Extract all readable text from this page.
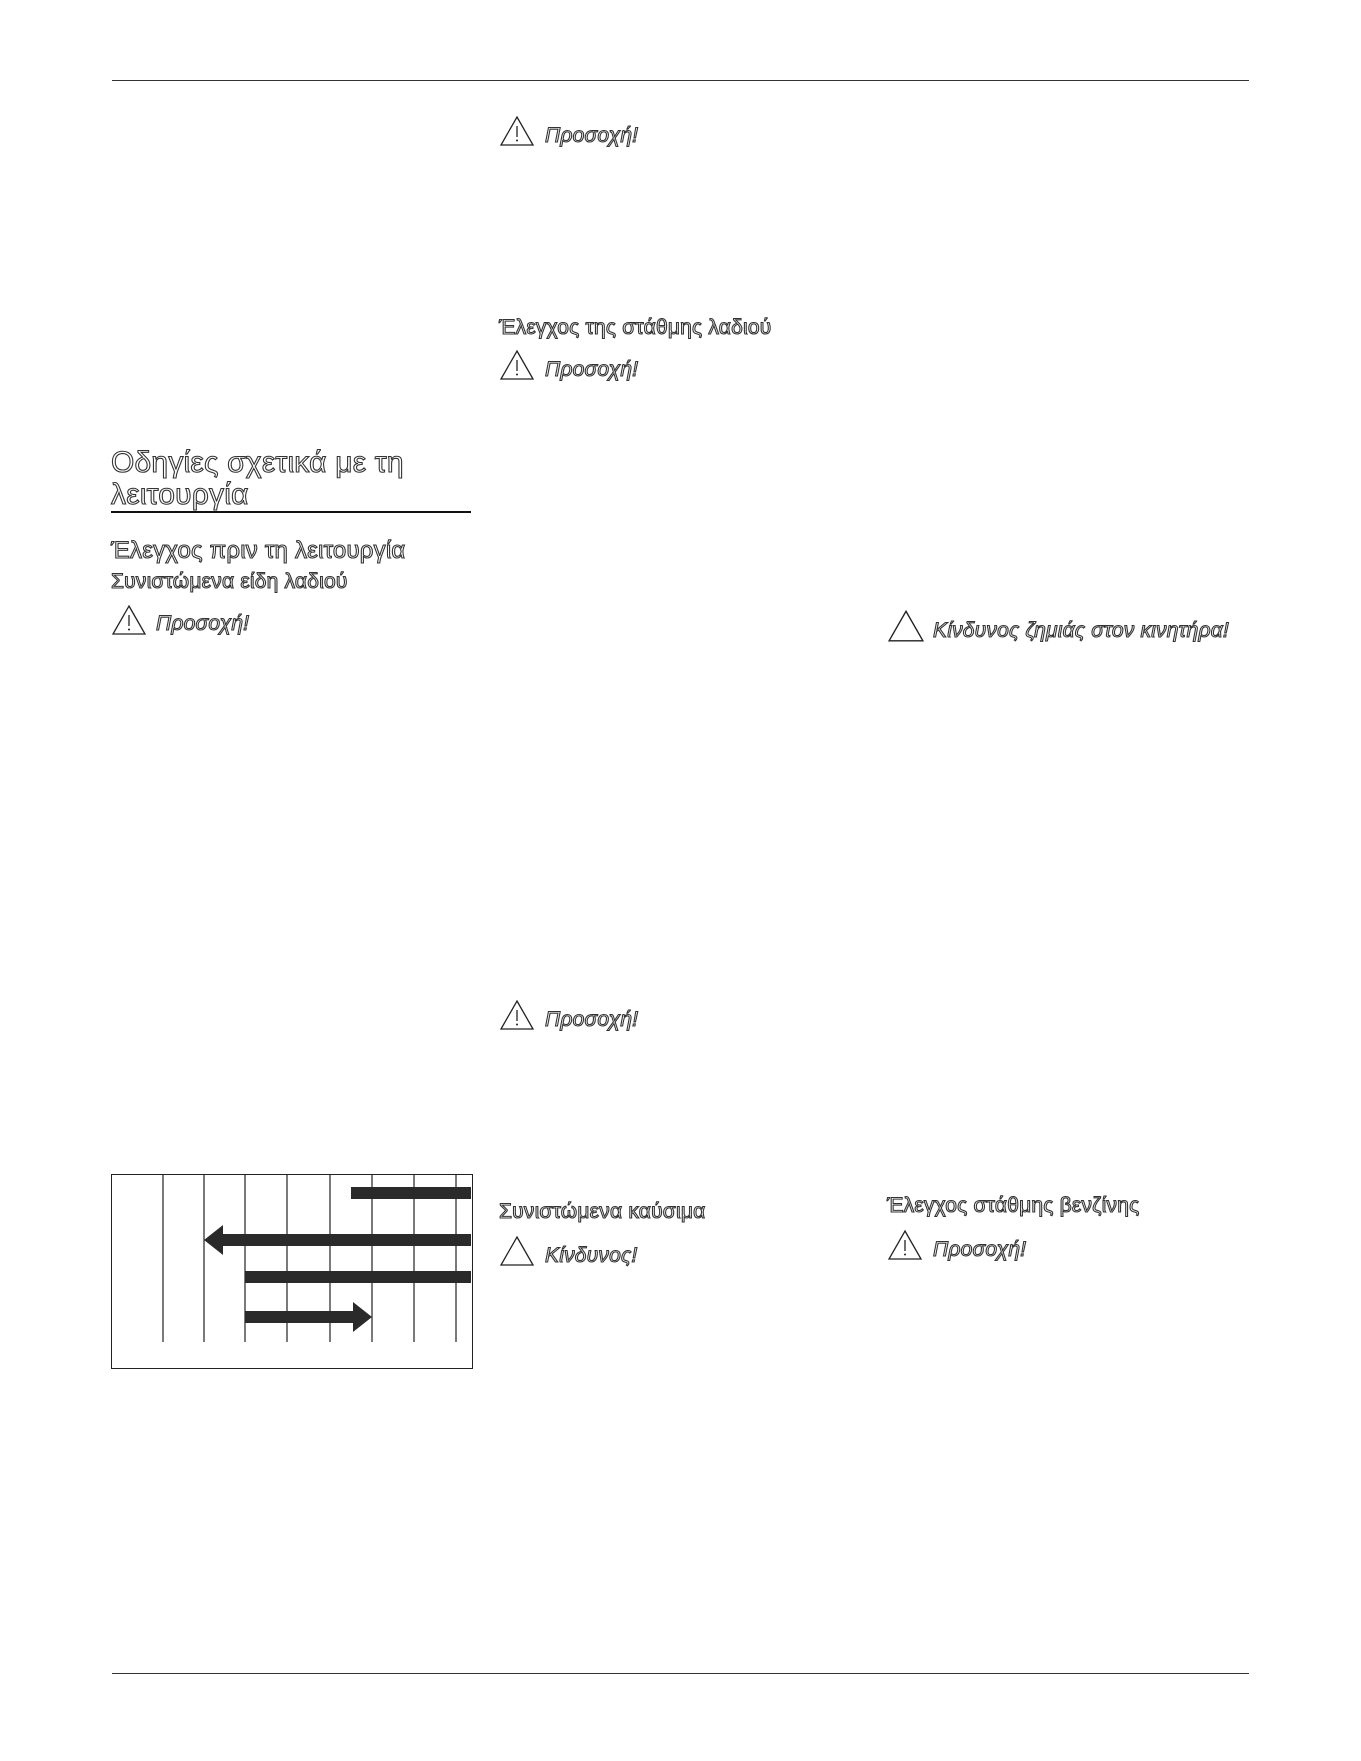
Οδηγίες σχετικά με τη
λειτουργία
Έλεγχος πριν τη λειτουργία
Συνιστώμενα είδη λαδιού
Προσοχή!
Προσοχή!
Έλεγχος της στάθμης λαδιού
Προσοχή!
Προσοχή!
Συνιστώμενα καύσιμα
Κίνδυνος!
Κίνδυνος ζημιάς στον κινητήρα!
Έλεγχος στάθμης βενζίνης
Προσοχή!
